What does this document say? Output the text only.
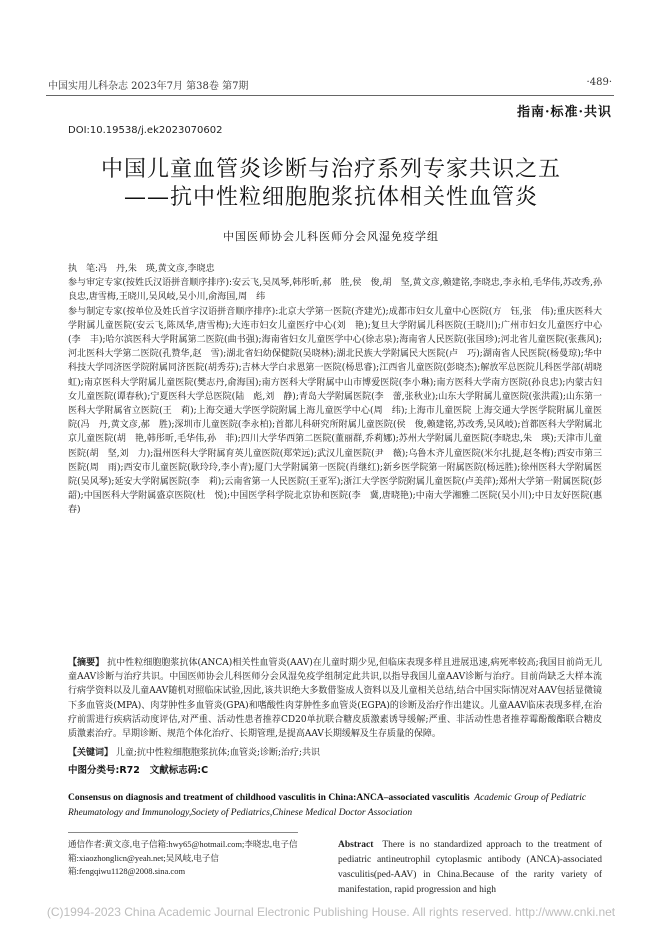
中国实用儿科杂志 2023年7月 第38卷 第7期	·489·
指南·标准·共识
DOI:10.19538/j.ek2023070602
中国儿童血管炎诊断与治疗系列专家共识之五
——抗中性粒细胞胞浆抗体相关性血管炎
中国医师协会儿科医师分会风湿免疫学组
执　笔:冯　丹,朱　瑛,黄文彦,李晓忠
参与审定专家(按姓氏汉语拼音顺序排序):安云飞,吴凤琴,韩彤昕,郝　胜,侯　俊,胡　坚,黄文彦,赖建铭,李晓忠,李永柏,毛华伟,苏改秀,孙良忠,唐雪梅,王晓川,吴风岐,吴小川,俞海国,周　纬
参与制定专家(按单位及姓氏首字汉语拼音顺序排序):北京大学第一医院(齐建光);成都市妇女儿童中心医院(方　钰,张　伟);重庆医科大学附属儿童医院(安云飞,陈凤华,唐雪梅);大连市妇女儿童医疗中心(刘　艳);复旦大学附属儿科医院(王晓川);广州市妇女儿童医疗中心(李　丰);哈尔滨医科大学附属第二医院(曲书强);海南省妇女儿童医学中心(徐志泉);海南省人民医院(张国珍);河北省儿童医院(张燕风);河北医科大学第二医院(孔赞华,赵　雪);湖北省妇幼保健院(吴晓林);湖北民族大学附属民大医院(卢　巧);湖南省人民医院(杨曼琼);华中科技大学同济医学院附属同济医院(胡秀芬);吉林大学白求恩第一医院(杨思睿);江西省儿童医院(彭晓杰);解放军总医院儿科医学部(胡晓虹);南京医科大学附属儿童医院(樊志丹,俞海国);南方医科大学附属中山市博爱医院(李小琳);南方医科大学南方医院(孙良忠);内蒙古妇女儿童医院(谭春秋);宁夏医科大学总医院(陆　彪,刘　静);青岛大学附属医院(李　蕾,张秋业);山东大学附属儿童医院(张洪霞);山东第一医科大学附属省立医院(王　莉);上海交通大学医学院附属上海儿童医学中心(周　纬);上海市儿童医院 上海交通大学医学院附属儿童医院(冯　丹,黄文彦,郝　胜);深圳市儿童医院(李永柏);首都儿科研究所附属儿童医院(侯　俊,赖建铭,苏改秀,吴风岐);首都医科大学附属北京儿童医院(胡　艳,韩彤昕,毛华伟,孙　菲);四川大学华西第二医院(董丽群,乔莉娜);苏州大学附属儿童医院(李晓忠,朱　瑛);天津市儿童医院(胡　坚,刘　力);温州医科大学附属育英儿童医院(郑荣远);武汉儿童医院(尹　薇);乌鲁木齐儿童医院(米尔扎提,赵冬梅);西安市第三医院(周　雨);西安市儿童医院(耿玲玲,李小青);厦门大学附属第一医院(肖继红);新乡医学院第一附属医院(杨远胜);徐州医科大学附属医院(吴风琴);延安大学附属医院(李　莉);云南省第一人民医院(王亚军);浙江大学医学院附属儿童医院(卢美萍);郑州大学第一附属医院(彭　韶);中国医科大学附属盛京医院(杜　悦);中国医学科学院北京协和医院(李　冀,唐晓艳);中南大学湘雅二医院(吴小川);中日友好医院(惠　春)
【摘要】 抗中性粒细胞胞浆抗体(ANCA)相关性血管炎(AAV)在儿童时期少见,但临床表现多样且进展迅速,病死率较高;我国目前尚无儿童AAV诊断与治疗共识。中国医师协会儿科医师分会风湿免疫学组制定此共识,以指导我国儿童AAV诊断与治疗。目前尚缺乏大样本流行病学资料以及儿童AAV随机对照临床试验,因此,该共识绝大多数借鉴成人资料以及儿童相关总结,结合中国实际情况对AAV包括显微镜下多血管炎(MPA)、肉芽肿性多血管炎(GPA)和嗜酸性肉芽肿性多血管炎(EGPA)的诊断及治疗作出建议。儿童AAV临床表现多样,在治疗前需进行疾病活动度评估,对严重、活动性患者推荐CD20单抗联合糖皮质激素诱导缓解;严重、非活动性患者推荐霉酚酸酯联合糖皮质激素治疗。早期诊断、规范个体化治疗、长期管理,是提高AAV长期缓解及生存质量的保障。
【关键词】 儿童;抗中性粒细胞胞浆抗体;血管炎;诊断;治疗;共识
中图分类号:R72 文献标志码:C
Consensus on diagnosis and treatment of childhood vasculitis in China:ANCA–associated vasculitis Academic Group of Pediatric Rheumatology and Immunology,Society of Pediatrics,Chinese Medical Doctor Association
通信作者:黄文彦,电子信箱:hwy65@hotmail.com;李晓忠,电子信箱:xiaozhonglicn@yeah.net;吴风岐,电子信箱:fengqiwu1128@2008.sina.com
Abstract There is no standardized approach to the treatment of pediatric antineutrophil cytoplasmic antibody (ANCA)-associated vasculitis(ped-AAV) in China.Because of the rarity variety of manifestation, rapid progression and high
(C)1994-2023 China Academic Journal Electronic Publishing House. All rights reserved. http://www.cnki.net
